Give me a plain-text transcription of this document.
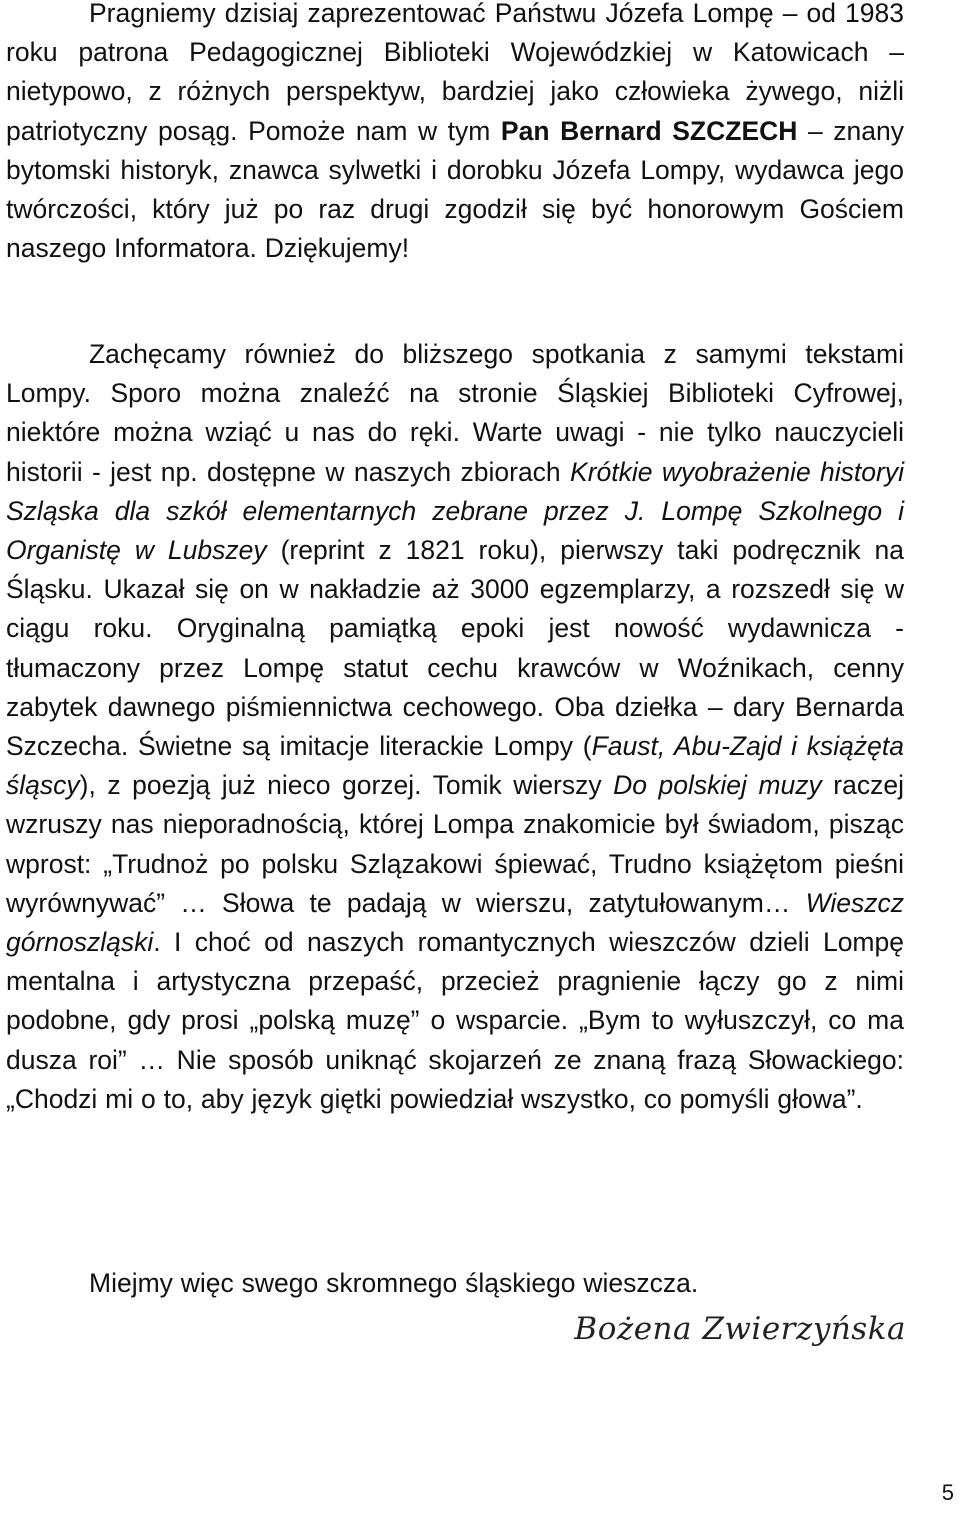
Pragniemy dzisiaj zaprezentować Państwu Józefa Lompę – od 1983 roku patrona Pedagogicznej Biblioteki Wojewódzkiej w Katowicach – nietypowo, z różnych perspektyw, bardziej jako człowieka żywego, niżli patriotyczny posąg. Pomoże nam w tym Pan Bernard SZCZECH – znany bytomski historyk, znawca sylwetki i dorobku Józefa Lompy, wydawca jego twórczości, który już po raz drugi zgodził się być honorowym Gościem naszego Informatora. Dziękujemy!

Zachęcamy również do bliższego spotkania z samymi tekstami Lompy. Sporo można znaleźć na stronie Śląskiej Biblioteki Cyfrowej, niektóre można wziąć u nas do ręki. Warte uwagi - nie tylko nauczycieli historii - jest np. dostępne w naszych zbiorach Krótkie wyobrażenie historyi Szląska dla szkół elementarnych zebrane przez J. Lompę Szkolnego i Organistę w Lubszey (reprint z 1821 roku), pierwszy taki podręcznik na Śląsku. Ukazał się on w nakładzie aż 3000 egzemplarzy, a rozszedł się w ciągu roku. Oryginalną pamiątką epoki jest nowość wydawnicza - tłumaczony przez Lompę statut cechu krawców w Woźnikach, cenny zabytek dawnego piśmiennictwa cechowego. Oba dziełka – dary Bernarda Szczecha. Świetne są imitacje literackie Lompy (Faust, Abu-Zajd i książęta śląscy), z poezją już nieco gorzej. Tomik wierszy Do polskiej muzy raczej wzruszy nas nieporadnością, której Lompa znakomicie był świadom, pisząc wprost: „Trudnoż po polsku Szlązakowi śpiewać, Trudno książętom pieśni wyrównywać” … Słowa te padają w wierszu, zatytułowanym… Wieszcz górnoszląski. I choć od naszych romantycznych wieszczów dzieli Lompę mentalna i artystyczna przepaść, przecież pragnienie łączy go z nimi podobne, gdy prosi „polską muzę” o wsparcie. „Bym to wyłuszczył, co ma dusza roi” … Nie sposób uniknąć skojarzeń ze znaną frazą Słowackiego: „Chodzi mi o to, aby język giętki powiedział wszystko, co pomyśli głowa”.

Miejmy więc swego skromnego śląskiego wieszcza.

Bożena Zwierzyńska
5
